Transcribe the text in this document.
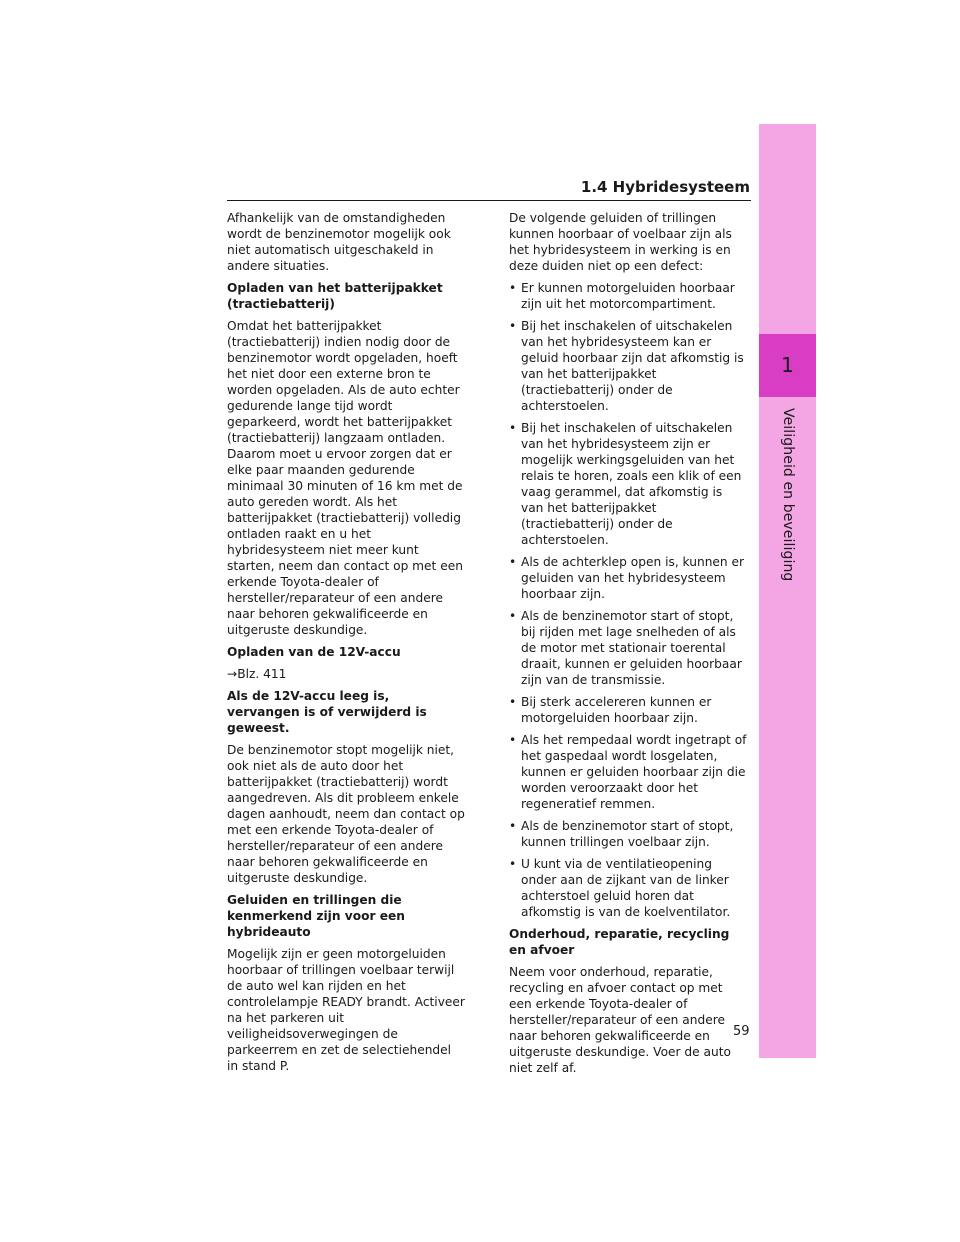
1
Veiligheid en beveiliging
1.4 Hybridesysteem

Afhankelijk van de omstandigheden wordt de benzinemotor mogelijk ook niet automatisch uitgeschakeld in andere situaties.

Opladen van het batterijpakket (tractiebatterij)

Omdat het batterijpakket (tractiebatterij) indien nodig door de benzinemotor wordt opgeladen, hoeft het niet door een externe bron te worden opgeladen. Als de auto echter gedurende lange tijd wordt geparkeerd, wordt het batterijpakket (tractiebatterij) langzaam ontladen. Daarom moet u ervoor zorgen dat er elke paar maanden gedurende minimaal 30 minuten of 16 km met de auto gereden wordt. Als het batterijpakket (tractiebatterij) volledig ontladen raakt en u het hybridesysteem niet meer kunt starten, neem dan contact op met een erkende Toyota-dealer of hersteller/reparateur of een andere naar behoren gekwalificeerde en uitgeruste deskundige.

Opladen van de 12V-accu

→Blz. 411

Als de 12V-accu leeg is, vervangen is of verwijderd is geweest.

De benzinemotor stopt mogelijk niet, ook niet als de auto door het batterijpakket (tractiebatterij) wordt aangedreven. Als dit probleem enkele dagen aanhoudt, neem dan contact op met een erkende Toyota-dealer of hersteller/reparateur of een andere naar behoren gekwalificeerde en uitgeruste deskundige.

Geluiden en trillingen die kenmerkend zijn voor een hybrideauto

Mogelijk zijn er geen motorgeluiden hoorbaar of trillingen voelbaar terwijl de auto wel kan rijden en het controlelampje READY brandt. Activeer na het parkeren uit veiligheidsoverwegingen de parkeerrem en zet de selectiehendel in stand P.

De volgende geluiden of trillingen kunnen hoorbaar of voelbaar zijn als het hybridesysteem in werking is en deze duiden niet op een defect:

• Er kunnen motorgeluiden hoorbaar zijn uit het motorcompartiment.
• Bij het inschakelen of uitschakelen van het hybridesysteem kan er geluid hoorbaar zijn dat afkomstig is van het batterijpakket (tractiebatterij) onder de achterstoelen.
• Bij het inschakelen of uitschakelen van het hybridesysteem zijn er mogelijk werkingsgeluiden van het relais te horen, zoals een klik of een vaag gerammel, dat afkomstig is van het batterijpakket (tractiebatterij) onder de achterstoelen.
• Als de achterklep open is, kunnen er geluiden van het hybridesysteem hoorbaar zijn.
• Als de benzinemotor start of stopt, bij rijden met lage snelheden of als de motor met stationair toerental draait, kunnen er geluiden hoorbaar zijn van de transmissie.
• Bij sterk accelereren kunnen er motorgeluiden hoorbaar zijn.
• Als het rempedaal wordt ingetrapt of het gaspedaal wordt losgelaten, kunnen er geluiden hoorbaar zijn die worden veroorzaakt door het regeneratief remmen.
• Als de benzinemotor start of stopt, kunnen trillingen voelbaar zijn.
• U kunt via de ventilatieopening onder aan de zijkant van de linker achterstoel geluid horen dat afkomstig is van de koelventilator.
Onderhoud, reparatie, recycling en afvoer

Neem voor onderhoud, reparatie, recycling en afvoer contact op met een erkende Toyota-dealer of hersteller/reparateur of een andere naar behoren gekwalificeerde en uitgeruste deskundige. Voer de auto niet zelf af.

59
